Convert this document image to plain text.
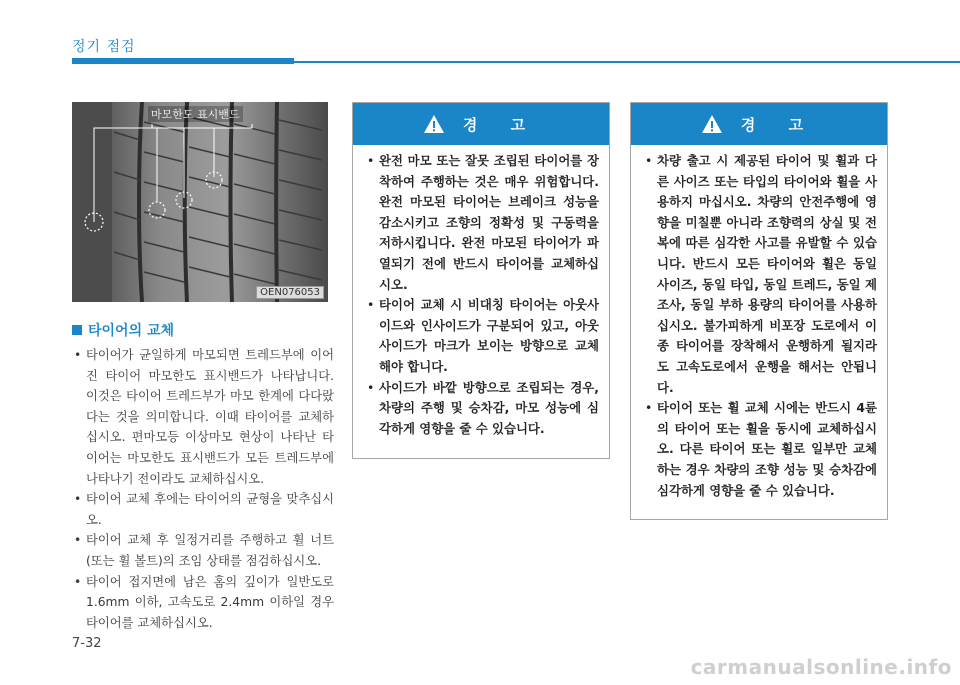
정기 점검
마모한도 표시밴드
OEN076053
타이어의 교체
• 타이어가 균일하게 마모되면 트레드부에 이어진 타이어 마모한도 표시밴드가 나타납니다. 이것은 타이어 트레드부가 마모 한계에 다다랐다는 것을 의미합니다. 이때 타이어를 교체하십시오. 편마모등 이상마모 현상이 나타난 타이어는 마모한도 표시밴드가 모든 트레드부에 나타나기 전이라도 교체하십시오.
• 타이어 교체 후에는 타이어의 균형을 맞추십시오.
• 타이어 교체 후 일정거리를 주행하고 휠 너트(또는 휠 볼트)의 조임 상태를 점검하십시오.
• 타이어 접지면에 남은 홈의 깊이가 일반도로 1.6mm 이하, 고속도로 2.4mm 이하일 경우 타이어를 교체하십시오.
경 고
• 완전 마모 또는 잘못 조립된 타이어를 장착하여 주행하는 것은 매우 위험합니다. 완전 마모된 타이어는 브레이크 성능을 감소시키고 조향의 정확성 및 구동력을 저하시킵니다. 완전 마모된 타이어가 파열되기 전에 반드시 타이어를 교체하십시오.
• 타이어 교체 시 비대칭 타이어는 아웃사이드와 인사이드가 구분되어 있고, 아웃사이드가 마크가 보이는 방향으로 교체해야 합니다.
• 사이드가 바깥 방향으로 조립되는 경우, 차량의 주행 및 승차감, 마모 성능에 심각하게 영향을 줄 수 있습니다.
경 고
• 차량 출고 시 제공된 타이어 및 휠과 다른 사이즈 또는 타입의 타이어와 휠을 사용하지 마십시오. 차량의 안전주행에 영향을 미칠뿐 아니라 조향력의 상실 및 전복에 따른 심각한 사고를 유발할 수 있습니다. 반드시 모든 타이어와 휠은 동일 사이즈, 동일 타입, 동일 트레드, 동일 제조사, 동일 부하 용량의 타이어를 사용하십시오. 불가피하게 비포장 도로에서 이종 타이어를 장착해서 운행하게 될지라도 고속도로에서 운행을 해서는 안됩니다.
• 타이어 또는 휠 교체 시에는 반드시 4륜의 타이어 또는 휠을 동시에 교체하십시오. 다른 타이어 또는 휠로 일부만 교체하는 경우 차량의 조향 성능 및 승차감에 심각하게 영향을 줄 수 있습니다.
7-32
carmanualsonline.info
